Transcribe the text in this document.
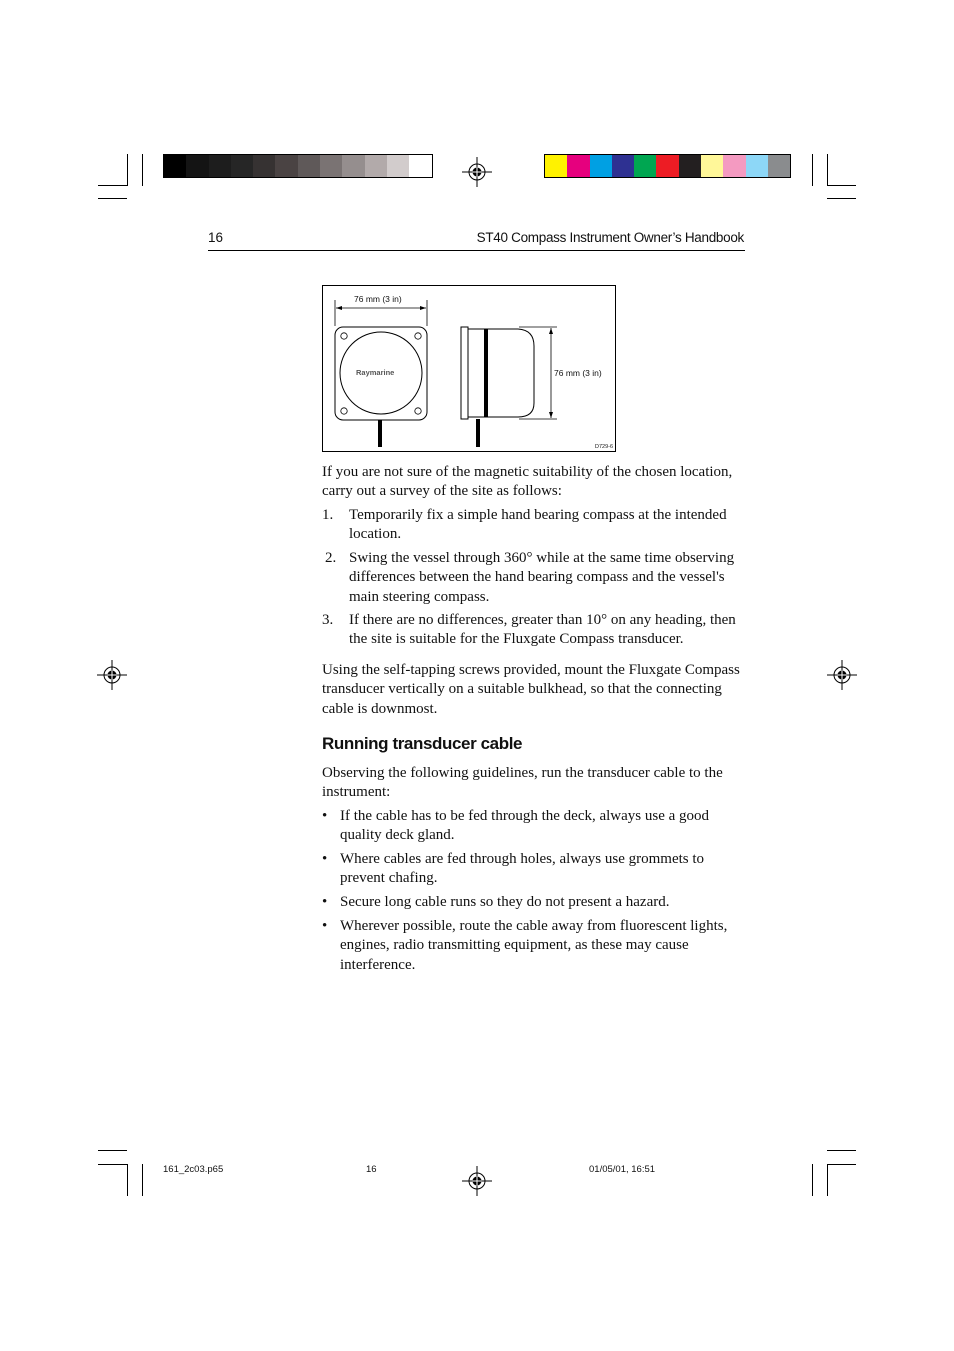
16	ST40 Compass Instrument Owner’s Handbook
76 mm (3 in)
76 mm (3 in)
Raymarine
D729-6

If you are not sure of the magnetic suitability of the chosen location, carry out a survey of the site as follows:

1. Temporarily fix a simple hand bearing compass at the intended location.
2. Swing the vessel through 360° while at the same time observing differences between the hand bearing compass and the vessel's main steering compass.
3. If there are no differences, greater than 10° on any heading, then the site is suitable for the Fluxgate Compass transducer.

Using the self-tapping screws provided, mount the Fluxgate Compass transducer vertically on a suitable bulkhead, so that the connecting cable is downmost.

Running transducer cable

Observing the following guidelines, run the transducer cable to the instrument:

• If the cable has to be fed through the deck, always use a good quality deck gland.
• Where cables are fed through holes, always use grommets to prevent chafing.
• Secure long cable runs so they do not present a hazard.
• Wherever possible, route the cable away from fluorescent lights, engines, radio transmitting equipment, as these may cause interference.
161_2c03.p65	16	01/05/01, 16:51
